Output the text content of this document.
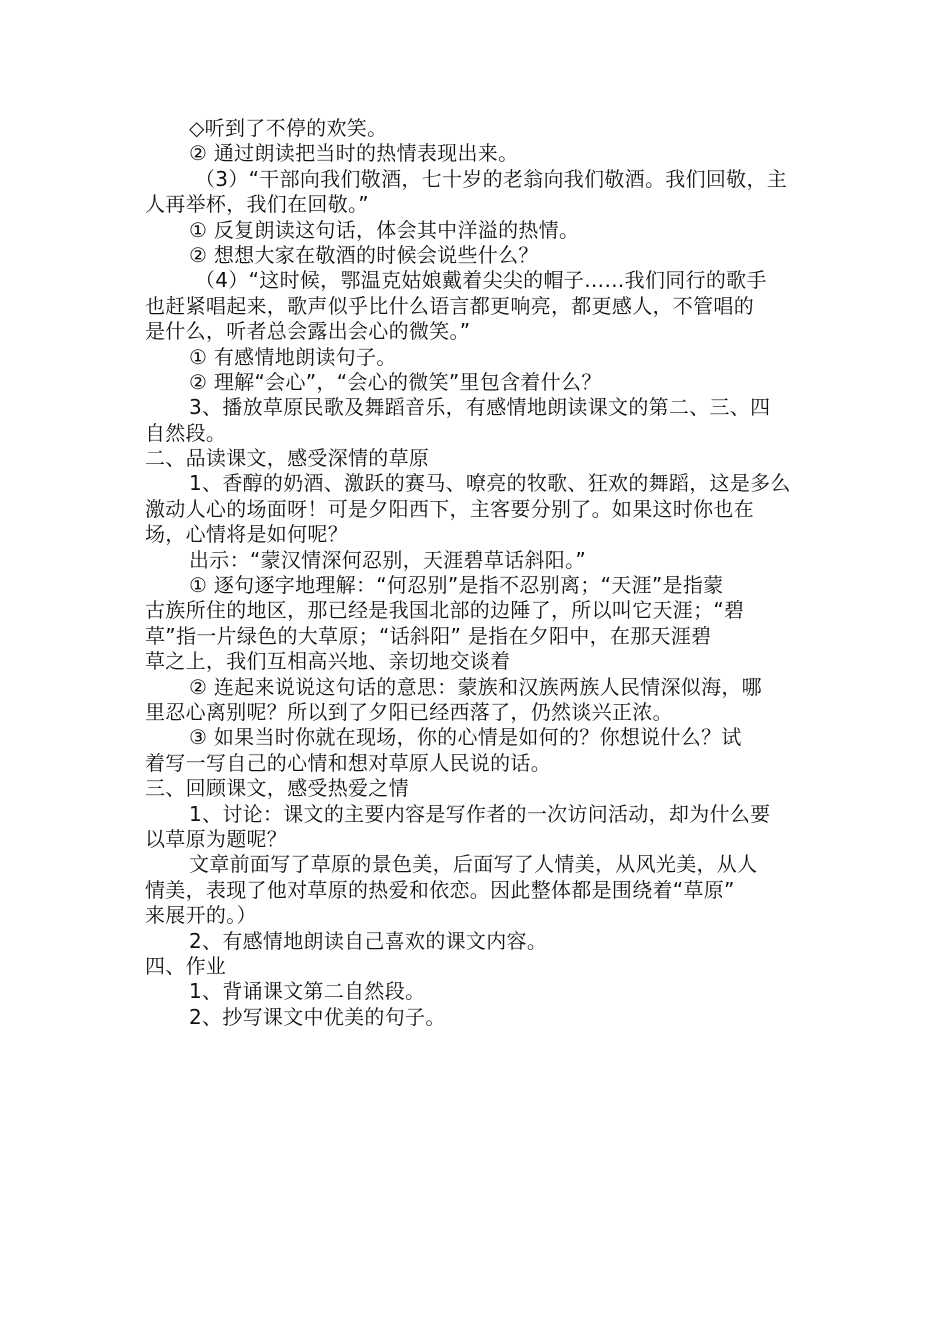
◇听到了不停的欢笑。
② 通过朗读把当时的热情表现出来。
（3）“干部向我们敬酒，七十岁的老翁向我们敬酒。我们回敬，主
人再举杯，我们在回敬。”
① 反复朗读这句话，体会其中洋溢的热情。
② 想想大家在敬酒的时候会说些什么？
（4）“这时候，鄂温克姑娘戴着尖尖的帽子……我们同行的歌手
也赶紧唱起来，歌声似乎比什么语言都更响亮，都更感人，不管唱的
是什么，听者总会露出会心的微笑。”
① 有感情地朗读句子。
② 理解“会心”，“会心的微笑”里包含着什么？
3、播放草原民歌及舞蹈音乐，有感情地朗读课文的第二、三、四
自然段。
二、品读课文，感受深情的草原
1、香醇的奶酒、激跃的赛马、嘹亮的牧歌、狂欢的舞蹈，这是多么
激动人心的场面呀！可是夕阳西下，主客要分别了。如果这时你也在
场，心情将是如何呢？
出示：“蒙汉情深何忍别，天涯碧草话斜阳。”
① 逐句逐字地理解：“何忍别”是指不忍别离；“天涯”是指蒙
古族所住的地区，那已经是我国北部的边陲了，所以叫它天涯；“碧
草”指一片绿色的大草原；“话斜阳” 是指在夕阳中，在那天涯碧
草之上，我们互相高兴地、亲切地交谈着
② 连起来说说这句话的意思：蒙族和汉族两族人民情深似海，哪
里忍心离别呢？所以到了夕阳已经西落了，仍然谈兴正浓。
③ 如果当时你就在现场，你的心情是如何的？你想说什么？试
着写一写自己的心情和想对草原人民说的话。
三、回顾课文，感受热爱之情
1、讨论：课文的主要内容是写作者的一次访问活动，却为什么要
以草原为题呢？
文章前面写了草原的景色美，后面写了人情美，从风光美，从人
情美，表现了他对草原的热爱和依恋。因此整体都是围绕着“草原”
来展开的。）
2、有感情地朗读自己喜欢的课文内容。
四、作业
1、背诵课文第二自然段。
2、抄写课文中优美的句子。
